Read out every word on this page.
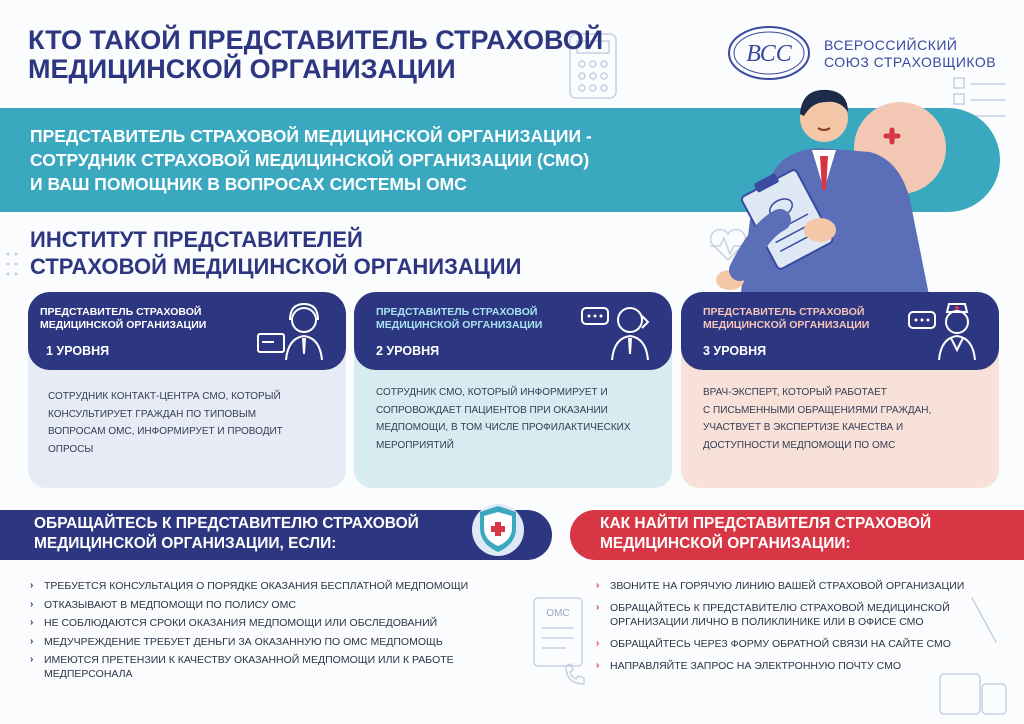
ОМС
КТО ТАКОЙ ПРЕДСТАВИТЕЛЬ СТРАХОВОЙ
МЕДИЦИНСКОЙ ОРГАНИЗАЦИИ	ВСС ВСЕРОССИЙСКИЙ
СОЮЗ СТРАХОВЩИКОВ
ПРЕДСТАВИТЕЛЬ СТРАХОВОЙ МЕДИЦИНСКОЙ ОРГАНИЗАЦИИ -
СОТРУДНИК СТРАХОВОЙ МЕДИЦИНСКОЙ ОРГАНИЗАЦИИ (СМО)
И ВАШ ПОМОЩНИК В ВОПРОСАХ СИСТЕМЫ ОМС
ИНСТИТУТ ПРЕДСТАВИТЕЛЕЙ
СТРАХОВОЙ МЕДИЦИНСКОЙ ОРГАНИЗАЦИИ
ПРЕДСТАВИТЕЛЬ СТРАХОВОЙ
МЕДИЦИНСКОЙ ОРГАНИЗАЦИИ
1 УРОВНЯ
СОТРУДНИК КОНТАКТ-ЦЕНТРА СМО, КОТОРЫЙ
КОНСУЛЬТИРУЕТ ГРАЖДАН ПО ТИПОВЫМ
ВОПРОСАМ ОМС, ИНФОРМИРУЕТ И ПРОВОДИТ
ОПРОСЫ
ПРЕДСТАВИТЕЛЬ СТРАХОВОЙ
МЕДИЦИНСКОЙ ОРГАНИЗАЦИИ
2 УРОВНЯ
СОТРУДНИК СМО, КОТОРЫЙ ИНФОРМИРУЕТ И
СОПРОВОЖДАЕТ ПАЦИЕНТОВ ПРИ ОКАЗАНИИ
МЕДПОМОЩИ, В ТОМ ЧИСЛЕ ПРОФИЛАКТИЧЕСКИХ
МЕРОПРИЯТИЙ
ПРЕДСТАВИТЕЛЬ СТРАХОВОЙ
МЕДИЦИНСКОЙ ОРГАНИЗАЦИИ
3 УРОВНЯ
ВРАЧ-ЭКСПЕРТ, КОТОРЫЙ РАБОТАЕТ
С ПИСЬМЕННЫМИ ОБРАЩЕНИЯМИ ГРАЖДАН,
УЧАСТВУЕТ В ЭКСПЕРТИЗЕ КАЧЕСТВА И
ДОСТУПНОСТИ МЕДПОМОЩИ ПО ОМС
ОБРАЩАЙТЕСЬ К ПРЕДСТАВИТЕЛЮ СТРАХОВОЙ
МЕДИЦИНСКОЙ ОРГАНИЗАЦИИ, ЕСЛИ:
КАК НАЙТИ ПРЕДСТАВИТЕЛЯ СТРАХОВОЙ
МЕДИЦИНСКОЙ ОРГАНИЗАЦИИ:
› ТРЕБУЕТСЯ КОНСУЛЬТАЦИЯ О ПОРЯДКЕ ОКАЗАНИЯ БЕСПЛАТНОЙ МЕДПОМОЩИ
› ОТКАЗЫВАЮТ В МЕДПОМОЩИ ПО ПОЛИСУ ОМС
› НЕ СОБЛЮДАЮТСЯ СРОКИ ОКАЗАНИЯ МЕДПОМОЩИ ИЛИ ОБСЛЕДОВАНИЙ
› МЕДУЧРЕЖДЕНИЕ ТРЕБУЕТ ДЕНЬГИ ЗА ОКАЗАННУЮ ПО ОМС МЕДПОМОЩЬ
› ИМЕЮТСЯ ПРЕТЕНЗИИ К КАЧЕСТВУ ОКАЗАННОЙ МЕДПОМОЩИ ИЛИ К РАБОТЕ МЕДПЕРСОНАЛА
› ЗВОНИТЕ НА ГОРЯЧУЮ ЛИНИЮ ВАШЕЙ СТРАХОВОЙ ОРГАНИЗАЦИИ
› ОБРАЩАЙТЕСЬ К ПРЕДСТАВИТЕЛЮ СТРАХОВОЙ МЕДИЦИНСКОЙ ОРГАНИЗАЦИИ ЛИЧНО В ПОЛИКЛИНИКЕ ИЛИ В ОФИСЕ СМО
› ОБРАЩАЙТЕСЬ ЧЕРЕЗ ФОРМУ ОБРАТНОЙ СВЯЗИ НА САЙТЕ СМО
› НАПРАВЛЯЙТЕ ЗАПРОС НА ЭЛЕКТРОННУЮ ПОЧТУ СМО
